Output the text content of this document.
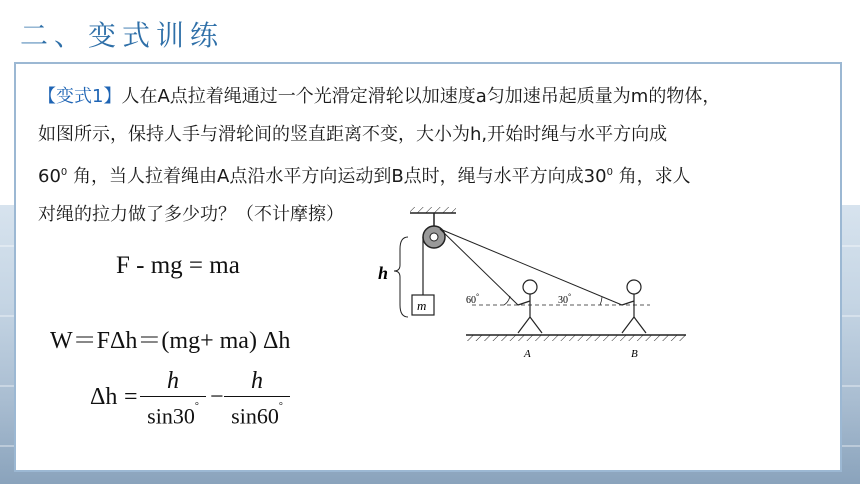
二、变式训练
【变式1】人在A点拉着绳通过一个光滑定滑轮以加速度a匀加速吊起质量为m的物体，
如图所示，保持人手与滑轮间的竖直距离不变，大小为h,开始时绳与水平方向成
$60^0$ 角，当人拉着绳由A点沿水平方向运动到B点时，绳与水平方向成$30^0$ 角，求人
对绳的拉力做了多少功？（不计摩擦）
F - mg = ma
W＝FΔh＝(mg+ ma) Δh
Δh =
h
sin30° −
h
sin60°
m
h
60°	30°
A	B
